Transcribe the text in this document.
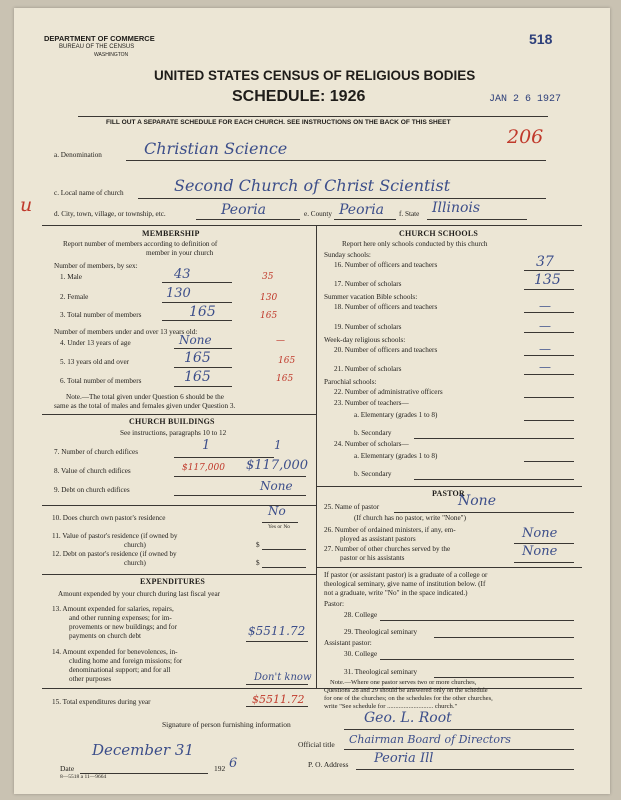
DEPARTMENT OF COMMERCE
BUREAU OF THE CENSUS
WASHINGTON
518
UNITED STATES CENSUS OF RELIGIOUS BODIES
SCHEDULE: 1926	JAN 2 6 1927
FILL OUT A SEPARATE SCHEDULE FOR EACH CHURCH. SEE INSTRUCTIONS ON THE BACK OF THIS SHEET
206
u
a. Denomination	Christian Science
c. Local name of church	Second Church of Christ Scientist
d. City, town, village, or township, etc.	Peoria	e. County Peoria f. State Illinois
MEMBERSHIP
Report number of members according to definition of
member in your church
Number of members, by sex:
1. Male	43	35
2. Female	130	130
3. Total number of members	165	165
Number of members under and over 13 years old:
4. Under 13 years of age	None	—
5. 13 years old and over	165	165
6. Total number of members	165	165
Note.—The total given under Question 6 should be the
same as the total of males and females given under Question 3.
CHURCH BUILDINGS
See instructions, paragraphs 10 to 12
7. Number of church edifices	1	1
8. Value of church edifices	$117,000 $117,000
9. Debt on church edifices	None
10. Does church own pastor's residence	No
Yes or No
11. Value of pastor's residence (if owned by
church)	$
12. Debt on pastor's residence (if owned by
church)	$
EXPENDITURES
Amount expended by your church during last fiscal year
13. Amount expended for salaries, repairs,
and other running expenses; for im-
provements or new buildings; and for
payments on church debt	$5511.72
14. Amount expended for benevolences, in-
cluding home and foreign missions; for
denominational support; and for all
other purposes	Don't know
15. Total expenditures during year	$5511.72
CHURCH SCHOOLS
Report here only schools conducted by this church
Sunday schools:
16. Number of officers and teachers	37
17. Number of scholars	135
Summer vacation Bible schools:
18. Number of officers and teachers	—
19. Number of scholars	—
Week-day religious schools:
20. Number of officers and teachers	—
21. Number of scholars	—
Parochial schools:
22. Number of administrative officers
23. Number of teachers—
a. Elementary (grades 1 to 8)
b. Secondary
24. Number of scholars—
a. Elementary (grades 1 to 8)
b. Secondary
PASTOR
25. Name of pastor	None
(If church has no pastor, write "None")
26. Number of ordained ministers, if any, em-
ployed as assistant pastors	None
27. Number of other churches served by the
pastor or his assistants	None
If pastor (or assistant pastor) is a graduate of a college or
theological seminary, give name of institution below. (If
not a graduate, write "No" in the space indicated.)
Pastor:
28. College
29. Theological seminary
Assistant pastor:
30. College
31. Theological seminary
Note.—Where one pastor serves two or more churches,
Questions 28 and 29 should be answered only on the schedule
for one of the churches; on the schedules for the other churches,
write "See schedule for ............................ church."
Signature of person furnishing information	Geo. L. Root
Official title Chairman Board of Directors
P. O. Address Peoria Ill
Date
December 31
192 6
8—5518 a 11—9664
